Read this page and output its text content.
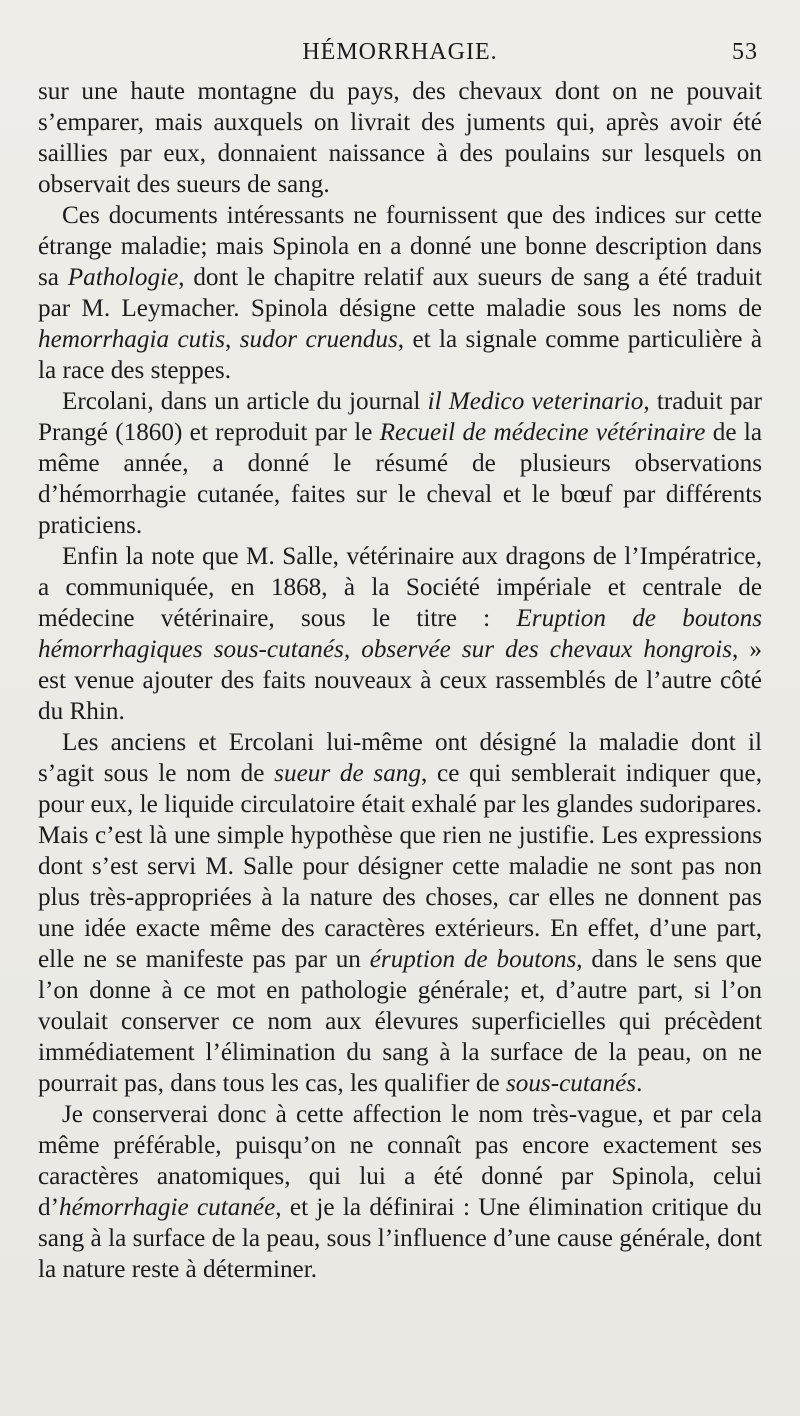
HÉMORRHAGIE.	53

sur une haute montagne du pays, des chevaux dont on ne pouvait s’emparer, mais auxquels on livrait des juments qui, après avoir été saillies par eux, donnaient naissance à des poulains sur lesquels on observait des sueurs de sang.

Ces documents intéressants ne fournissent que des indices sur cette étrange maladie; mais Spinola en a donné une bonne description dans sa Pathologie, dont le chapitre relatif aux sueurs de sang a été traduit par M. Leymacher. Spinola désigne cette maladie sous les noms de hemorrhagia cutis, sudor cruendus, et la signale comme particulière à la race des steppes.

Ercolani, dans un article du journal il Medico veterinario, traduit par Prangé (1860) et reproduit par le Recueil de médecine vétérinaire de la même année, a donné le résumé de plusieurs observations d’hémorrhagie cutanée, faites sur le cheval et le bœuf par différents praticiens.

Enfin la note que M. Salle, vétérinaire aux dragons de l’Impératrice, a communiquée, en 1868, à la Société impériale et centrale de médecine vétérinaire, sous le titre : Eruption de boutons hémorrhagiques sous-cutanés, observée sur des chevaux hongrois, » est venue ajouter des faits nouveaux à ceux rassemblés de l’autre côté du Rhin.

Les anciens et Ercolani lui-même ont désigné la maladie dont il s’agit sous le nom de sueur de sang, ce qui semblerait indiquer que, pour eux, le liquide circulatoire était exhalé par les glandes sudoripares. Mais c’est là une simple hypothèse que rien ne justifie. Les expressions dont s’est servi M. Salle pour désigner cette maladie ne sont pas non plus très-appropriées à la nature des choses, car elles ne donnent pas une idée exacte même des caractères extérieurs. En effet, d’une part, elle ne se manifeste pas par un éruption de boutons, dans le sens que l’on donne à ce mot en pathologie générale; et, d’autre part, si l’on voulait conserver ce nom aux élevures superficielles qui précèdent immédiatement l’élimination du sang à la surface de la peau, on ne pourrait pas, dans tous les cas, les qualifier de sous-cutanés.

Je conserverai donc à cette affection le nom très-vague, et par cela même préférable, puisqu’on ne connaît pas encore exactement ses caractères anatomiques, qui lui a été donné par Spinola, celui d’hémorrhagie cutanée, et je la définirai : Une élimination critique du sang à la surface de la peau, sous l’influence d’une cause générale, dont la nature reste à déterminer.
